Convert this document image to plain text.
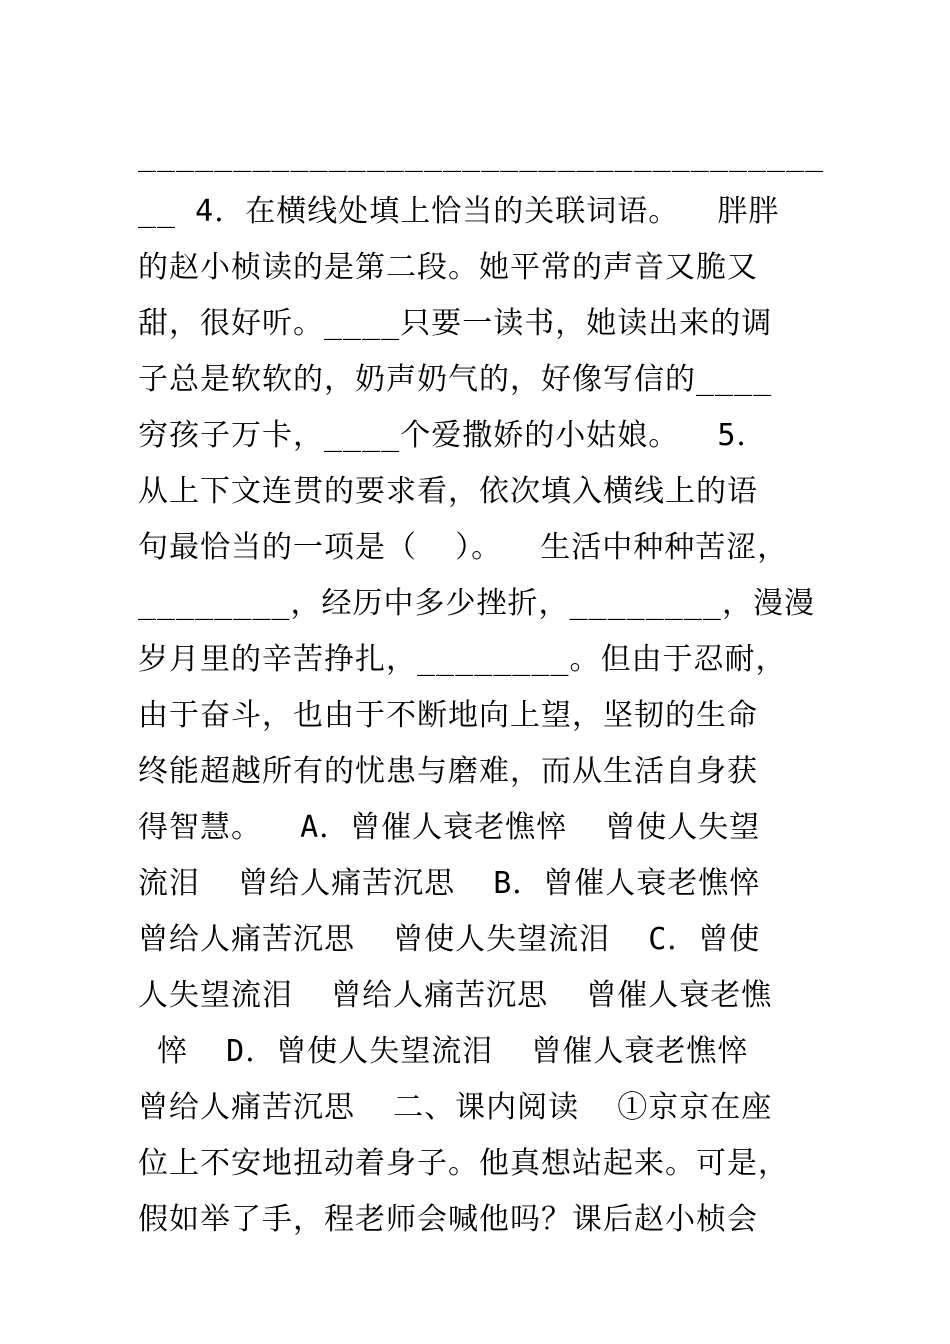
____________________________________
__ 4．在横线处填上恰当的关联词语。  胖胖
的赵小桢读的是第二段。她平常的声音又脆又
甜，很好听。____只要一读书，她读出来的调
子总是软软的，奶声奶气的，好像写信的____
穷孩子万卡，____个爱撒娇的小姑娘。  5．
从上下文连贯的要求看，依次填入横线上的语
句最恰当的一项是（  ）。  生活中种种苦涩，
________，经历中多少挫折，________，漫漫
岁月里的辛苦挣扎，________。但由于忍耐，
由于奋斗，也由于不断地向上望，坚韧的生命
终能超越所有的忧患与磨难，而从生活自身获
得智慧。  A．曾催人衰老憔悴  曾使人失望
流泪  曾给人痛苦沉思  B．曾催人衰老憔悴
曾给人痛苦沉思  曾使人失望流泪  C．曾使
人失望流泪  曾给人痛苦沉思  曾催人衰老憔
悴  D．曾使人失望流泪  曾催人衰老憔悴
曾给人痛苦沉思  二、课内阅读  ①京京在座
位上不安地扭动着身子。他真想站起来。可是，
假如举了手，程老师会喊他吗？课后赵小桢会
